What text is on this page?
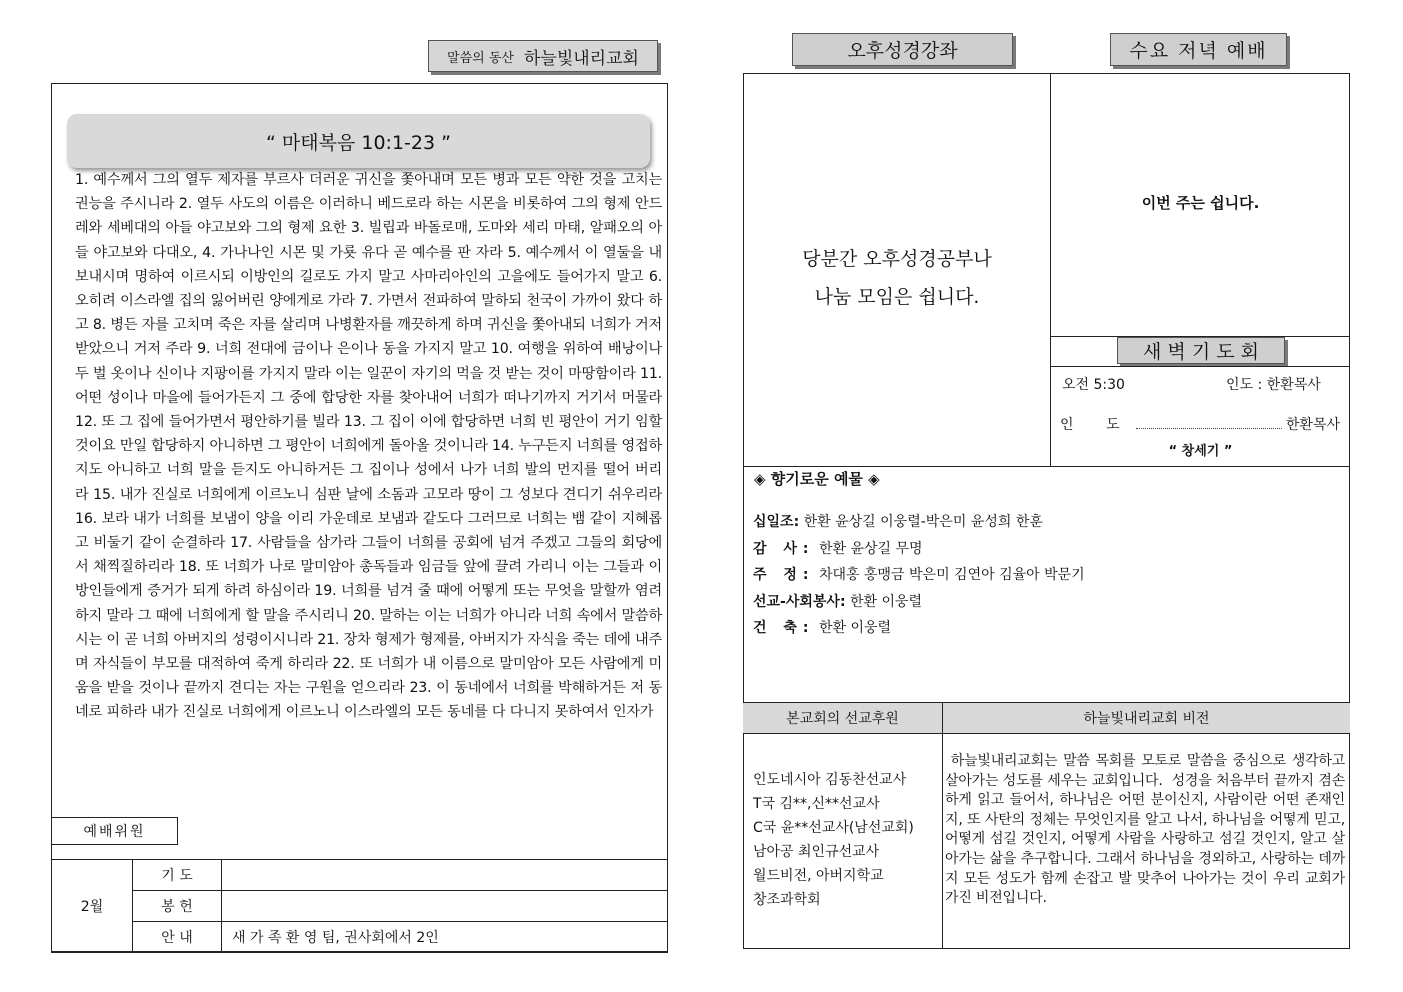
말씀의 동산 하늘빛내리교회
“ 마태복음 10:1-23 ”
1. 예수께서 그의 열두 제자를 부르사 더러운 귀신을 쫓아내며 모든 병과 모든 약한 것을 고치는 권능을 주시니라 2. 열두 사도의 이름은 이러하니 베드로라 하는 시몬을 비롯하여 그의 형제 안드레와 세베대의 아들 야고보와 그의 형제 요한 3. 빌립과 바돌로매, 도마와 세리 마태, 알패오의 아들 야고보와 다대오, 4. 가나나인 시몬 및 가룟 유다 곧 예수를 판 자라 5. 예수께서 이 열둘을 내보내시며 명하여 이르시되 이방인의 길로도 가지 말고 사마리아인의 고을에도 들어가지 말고 6. 오히려 이스라엘 집의 잃어버린 양에게로 가라 7. 가면서 전파하여 말하되 천국이 가까이 왔다 하고 8. 병든 자를 고치며 죽은 자를 살리며 나병환자를 깨끗하게 하며 귀신을 쫓아내되 너희가 거저 받았으니 거저 주라 9. 너희 전대에 금이나 은이나 동을 가지지 말고 10. 여행을 위하여 배낭이나 두 벌 옷이나 신이나 지팡이를 가지지 말라 이는 일꾼이 자기의 먹을 것 받는 것이 마땅함이라 11. 어떤 성이나 마을에 들어가든지 그 중에 합당한 자를 찾아내어 너희가 떠나기까지 거기서 머물라 12. 또 그 집에 들어가면서 평안하기를 빌라 13. 그 집이 이에 합당하면 너희 빈 평안이 거기 임할 것이요 만일 합당하지 아니하면 그 평안이 너희에게 돌아올 것이니라 14. 누구든지 너희를 영접하지도 아니하고 너희 말을 듣지도 아니하거든 그 집이나 성에서 나가 너희 발의 먼지를 떨어 버리라 15. 내가 진실로 너희에게 이르노니 심판 날에 소돔과 고모라 땅이 그 성보다 견디기 쉬우리라 16. 보라 내가 너희를 보냄이 양을 이리 가운데로 보냄과 같도다 그러므로 너희는 뱀 같이 지혜롭고 비둘기 같이 순결하라 17. 사람들을 삼가라 그들이 너희를 공회에 넘겨 주겠고 그들의 회당에서 채찍질하리라 18. 또 너희가 나로 말미암아 총독들과 임금들 앞에 끌려 가리니 이는 그들과 이방인들에게 증거가 되게 하려 하심이라 19. 너희를 넘겨 줄 때에 어떻게 또는 무엇을 말할까 염려하지 말라 그 때에 너희에게 할 말을 주시리니 20. 말하는 이는 너희가 아니라 너희 속에서 말씀하시는 이 곧 너희 아버지의 성령이시니라 21. 장차 형제가 형제를, 아버지가 자식을 죽는 데에 내주며 자식들이 부모를 대적하여 죽게 하리라 22. 또 너희가 내 이름으로 말미암아 모든 사람에게 미움을 받을 것이나 끝까지 견디는 자는 구원을 얻으리라 23. 이 동네에서 너희를 박해하거든 저 동네로 피하라 내가 진실로 너희에게 이르노니 이스라엘의 모든 동네를 다 다니지 못하여서 인자가
예배위원
2월	기 도	
	봉 헌	
	안 내	새 가 족 환 영 팀, 권사회에서 2인
오후성경강좌	수요 저녁 예배
당분간 오후성경공부나
나눔 모임은 쉽니다.
이번 주는 쉽니다.
새 벽 기 도 회
오전 5:30	인도 : 한환목사
인 도	한환목사
“ 창세기 ”
◈ 향기로운 예물 ◈
십일조: 한환 윤상길 이웅렬-박은미 윤성희 한훈
감 사: 한환 윤상길 무명
주 정: 차대홍 홍맹금 박은미 김연아 김율아 박문기
선교-사회봉사: 한환 이웅렬
건 축: 한환 이웅렬
본교회의 선교후원	하늘빛내리교회 비전
인도네시아 김동찬선교사
T국 김**,신**선교사
C국 윤**선교사(남선교회)
남아공 최인규선교사
월드비전, 아버지학교
창조과학회
하늘빛내리교회는 말씀 목회를 모토로 말씀을 중심으로 생각하고 살아가는 성도를 세우는 교회입니다.  성경을 처음부터 끝까지 겸손하게 읽고 들어서, 하나님은 어떤 분이신지, 사람이란 어떤 존재인지, 또 사탄의 정체는 무엇인지를 알고 나서, 하나님을 어떻게 믿고, 어떻게 섬길 것인지, 어떻게 사람을 사랑하고 섬길 것인지, 알고 살아가는 삶을 추구합니다. 그래서 하나님을 경외하고, 사랑하는 데까지 모든 성도가 함께 손잡고 발 맞추어 나아가는 것이 우리 교회가 가진 비전입니다.
